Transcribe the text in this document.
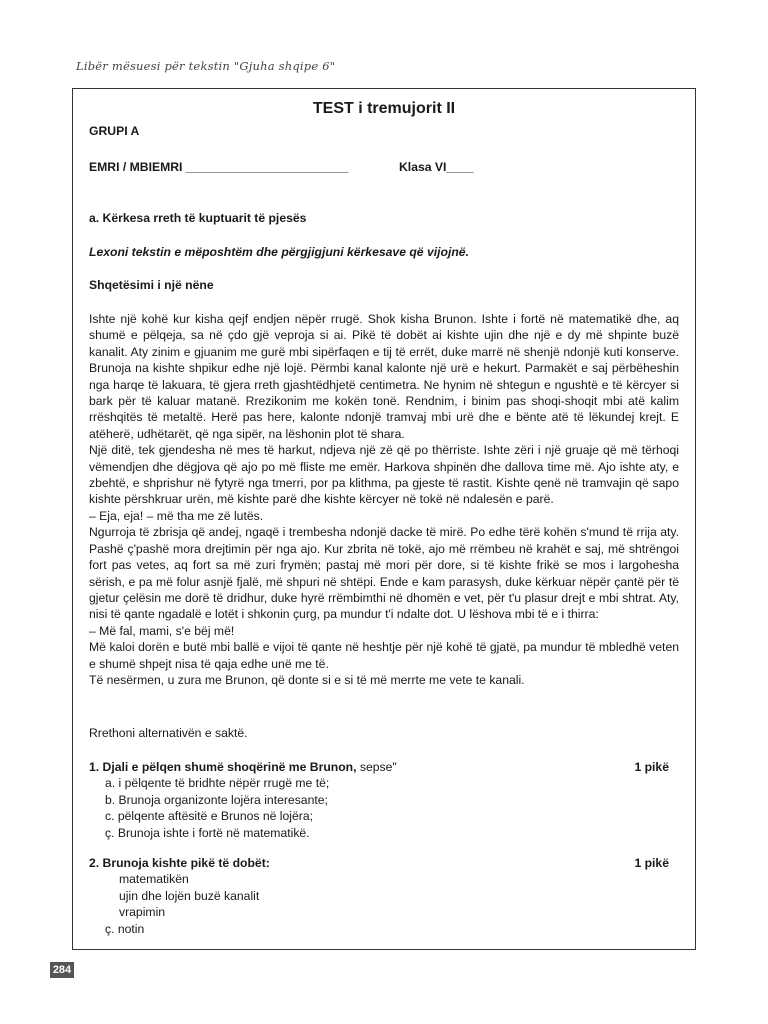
Libër mësuesi për tekstin "Gjuha shqipe 6"
TEST i tremujorit II
GRUPI A
EMRI / MBIEMRI ________________________	Klasa VI____
a. Kërkesa rreth të kuptuarit të pjesës
Lexoni tekstin e mëposhtëm dhe përgjigjuni kërkesave që vijojnë.
Shqetësimi i një nëne

Ishte një kohë kur kisha qejf endjen nëpër rrugë. Shok kisha Brunon. Ishte i fortë në matematikë dhe, aq shumë e pëlqeja, sa në çdo gjë veproja si ai. Pikë të dobët ai kishte ujin dhe një e dy më shpinte buzë kanalit. Aty zinim e gjuanim me gurë mbi sipërfaqen e tij të errët, duke marrë në shenjë ndonjë kuti konserve. Brunoja na kishte shpikur edhe një lojë. Përmbi kanal kalonte një urë e hekurt. Parmakët e saj përbëheshin nga harqe të lakuara, të gjera rreth gjashtëdhjetë centimetra. Ne hynim në shtegun e ngushtë e të kërcyer si bark për të kaluar matanë. Rrezikonim me kokën tonë. Rendnim, i binim pas shoqi-shoqit mbi atë kalim rrëshqitës të metaltë. Herë pas here, kalonte ndonjë tramvaj mbi urë dhe e bënte atë të lëkundej krejt. E atëherë, udhëtarët, që nga sipër, na lëshonin plot të shara.

Një ditë, tek gjendesha në mes të harkut, ndjeva një zë që po thërriste. Ishte zëri i një gruaje që më tërhoqi vëmendjen dhe dëgjova që ajo po më fliste me emër. Harkova shpinën dhe dallova time më. Ajo ishte aty, e zbehtë, e shprishur në fytyrë nga tmerri, por pa klithma, pa gjeste të rastit. Kishte qenë në tramvajin që sapo kishte përshkruar urën, më kishte parë dhe kishte kërcyer në tokë në ndalesën e parë.

– Eja, eja! – më tha me zë lutës.

Ngurroja të zbrisja që andej, ngaqë i trembesha ndonjë dacke të mirë. Po edhe tërë kohën s'mund të rrija aty. Pashë ç'pashë mora drejtimin për nga ajo. Kur zbrita në tokë, ajo më rrëmbeu në krahët e saj, më shtrëngoi fort pas vetes, aq fort sa më zuri frymën; pastaj më mori për dore, si të kishte frikë se mos i largohesha sërish, e pa më folur asnjë fjalë, më shpuri në shtëpi. Ende e kam parasysh, duke kërkuar nëpër çantë për të gjetur çelësin me dorë të dridhur, duke hyrë rrëmbimthi në dhomën e vet, për t'u plasur drejt e mbi shtrat. Aty, nisi të qante ngadalë e lotët i shkonin çurg, pa mundur t'i ndalte dot. U lëshova mbi të e i thirra:

– Më fal, mami, s'e bëj më!

Më kaloi dorën e butë mbi ballë e vijoi të qante në heshtje për një kohë të gjatë, pa mundur të mbledhë veten e shumë shpejt nisa të qaja edhe unë me të.

Të nesërmen, u zura me Brunon, që donte si e si të më merrte me vete te kanali.

Rrethoni alternativën e saktë.
1. Djali e pëlqen shumë shoqërinë me Brunon, sepse"	1 pikë
a. i pëlqente të bridhte nëpër rrugë me të;
b. Brunoja organizonte lojëra interesante;
c. pëlqente aftësitë e Brunos në lojëra;
ç. Brunoja ishte i fortë në matematikë.
2. Brunoja kishte pikë të dobët:	1 pikë
matematikën
ujin dhe lojën buzë kanalit
vrapimin
ç. notin
284
